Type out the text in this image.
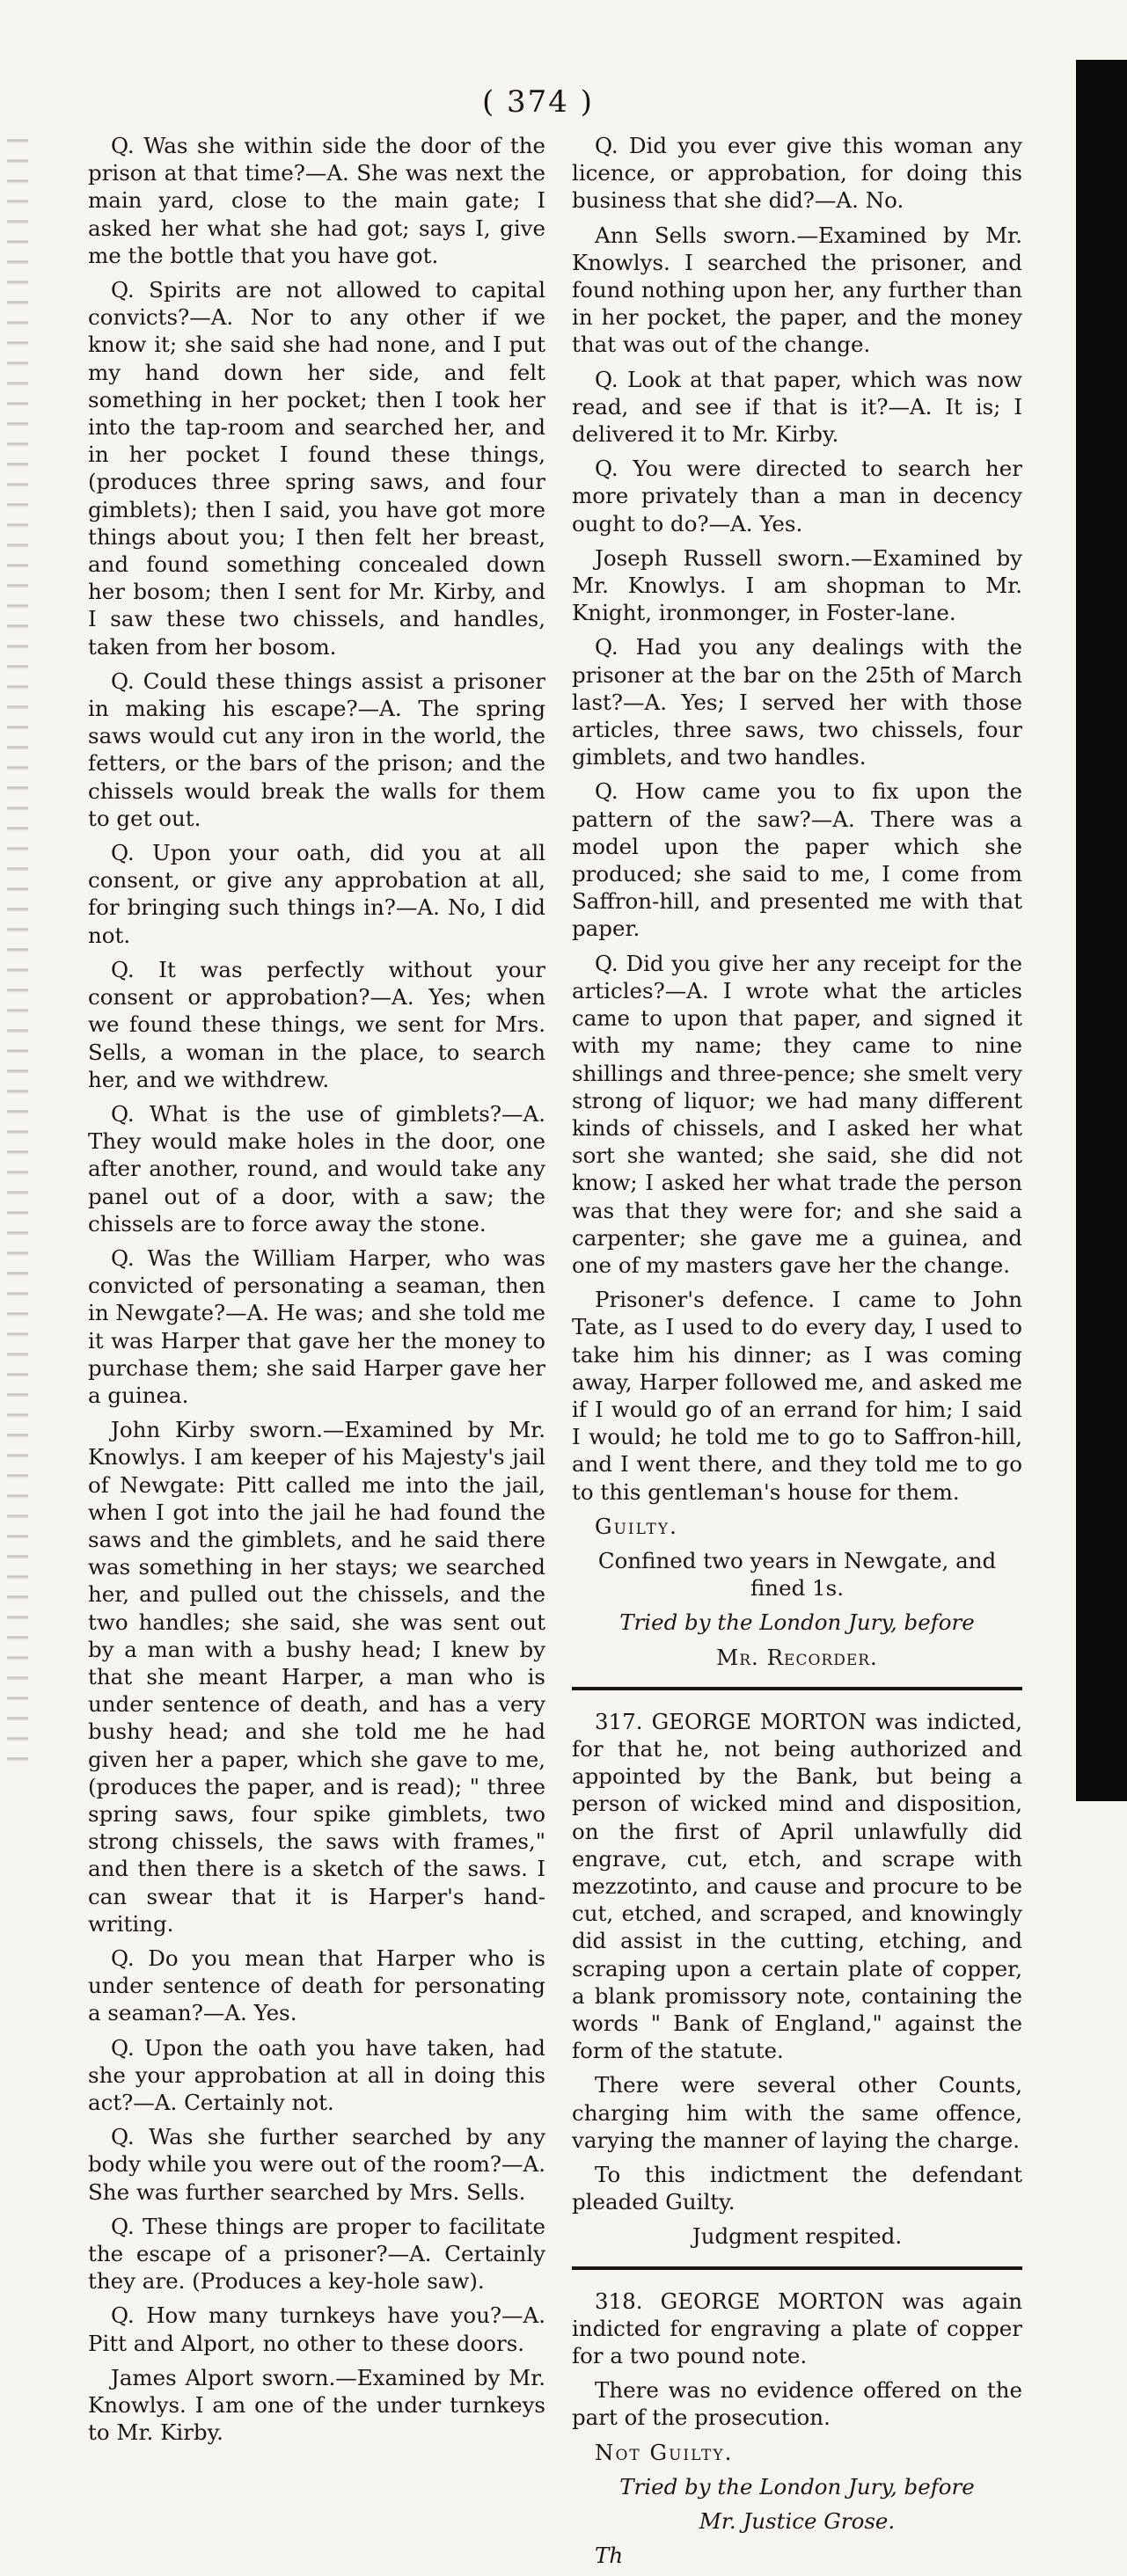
( 374 )

Q. Was she within side the door of the prison at that time?—A. She was next the main yard, close to the main gate; I asked her what she had got; says I, give me the bottle that you have got.

Q. Spirits are not allowed to capital convicts?—A. Nor to any other if we know it; she said she had none, and I put my hand down her side, and felt something in her pocket; then I took her into the tap-room and searched her, and in her pocket I found these things, (produces three spring saws, and four gimblets); then I said, you have got more things about you; I then felt her breast, and found something concealed down her bosom; then I sent for Mr. Kirby, and I saw these two chissels, and handles, taken from her bosom.

Q. Could these things assist a prisoner in making his escape?—A. The spring saws would cut any iron in the world, the fetters, or the bars of the prison; and the chissels would break the walls for them to get out.

Q. Upon your oath, did you at all consent, or give any approbation at all, for bringing such things in?—A. No, I did not.

Q. It was perfectly without your consent or approbation?—A. Yes; when we found these things, we sent for Mrs. Sells, a woman in the place, to search her, and we withdrew.

Q. What is the use of gimblets?—A. They would make holes in the door, one after another, round, and would take any panel out of a door, with a saw; the chissels are to force away the stone.

Q. Was the William Harper, who was convicted of personating a seaman, then in Newgate?—A. He was; and she told me it was Harper that gave her the money to purchase them; she said Harper gave her a guinea.

John Kirby sworn.—Examined by Mr. Knowlys. I am keeper of his Majesty's jail of Newgate: Pitt called me into the jail, when I got into the jail he had found the saws and the gimblets, and he said there was something in her stays; we searched her, and pulled out the chissels, and the two handles; she said, she was sent out by a man with a bushy head; I knew by that she meant Harper, a man who is under sentence of death, and has a very bushy head; and she told me he had given her a paper, which she gave to me, (produces the paper, and is read); " three spring saws, four spike gimblets, two strong chissels, the saws with frames," and then there is a sketch of the saws. I can swear that it is Harper's hand-writing.

Q. Do you mean that Harper who is under sentence of death for personating a seaman?—A. Yes.

Q. Upon the oath you have taken, had she your approbation at all in doing this act?—A. Certainly not.

Q. Was she further searched by any body while you were out of the room?—A. She was further searched by Mrs. Sells.

Q. These things are proper to facilitate the escape of a prisoner?—A. Certainly they are. (Produces a key-hole saw).

Q. How many turnkeys have you?—A. Pitt and Alport, no other to these doors.

James Alport sworn.—Examined by Mr. Knowlys. I am one of the under turnkeys to Mr. Kirby.

Q. Did you ever give this woman any licence, or approbation, for doing this business that she did?—A. No.

Ann Sells sworn.—Examined by Mr. Knowlys. I searched the prisoner, and found nothing upon her, any further than in her pocket, the paper, and the money that was out of the change.

Q. Look at that paper, which was now read, and see if that is it?—A. It is; I delivered it to Mr. Kirby.

Q. You were directed to search her more privately than a man in decency ought to do?—A. Yes.

Joseph Russell sworn.—Examined by Mr. Knowlys. I am shopman to Mr. Knight, ironmonger, in Foster-lane.

Q. Had you any dealings with the prisoner at the bar on the 25th of March last?—A. Yes; I served her with those articles, three saws, two chissels, four gimblets, and two handles.

Q. How came you to fix upon the pattern of the saw?—A. There was a model upon the paper which she produced; she said to me, I come from Saffron-hill, and presented me with that paper.

Q. Did you give her any receipt for the articles?—A. I wrote what the articles came to upon that paper, and signed it with my name; they came to nine shillings and three-pence; she smelt very strong of liquor; we had many different kinds of chissels, and I asked her what sort she wanted; she said, she did not know; I asked her what trade the person was that they were for; and she said a carpenter; she gave me a guinea, and one of my masters gave her the change.

Prisoner's defence. I came to John Tate, as I used to do every day, I used to take him his dinner; as I was coming away, Harper followed me, and asked me if I would go of an errand for him; I said I would; he told me to go to Saffron-hill, and I went there, and they told me to go to this gentleman's house for them.

Guilty.

Confined two years in Newgate, and fined 1s.

Tried by the London Jury, before

Mr. Recorder.

317. GEORGE MORTON was indicted, for that he, not being authorized and appointed by the Bank, but being a person of wicked mind and disposition, on the first of April unlawfully did engrave, cut, etch, and scrape with mezzotinto, and cause and procure to be cut, etched, and scraped, and knowingly did assist in the cutting, etching, and scraping upon a certain plate of copper, a blank promissory note, containing the words " Bank of England," against the form of the statute.

There were several other Counts, charging him with the same offence, varying the manner of laying the charge.

To this indictment the defendant pleaded Guilty.

Judgment respited.

318. GEORGE MORTON was again indicted for engraving a plate of copper for a two pound note.

There was no evidence offered on the part of the prosecution.

Not Guilty.

Tried by the London Jury, before

Mr. Justice Grose.

Th
